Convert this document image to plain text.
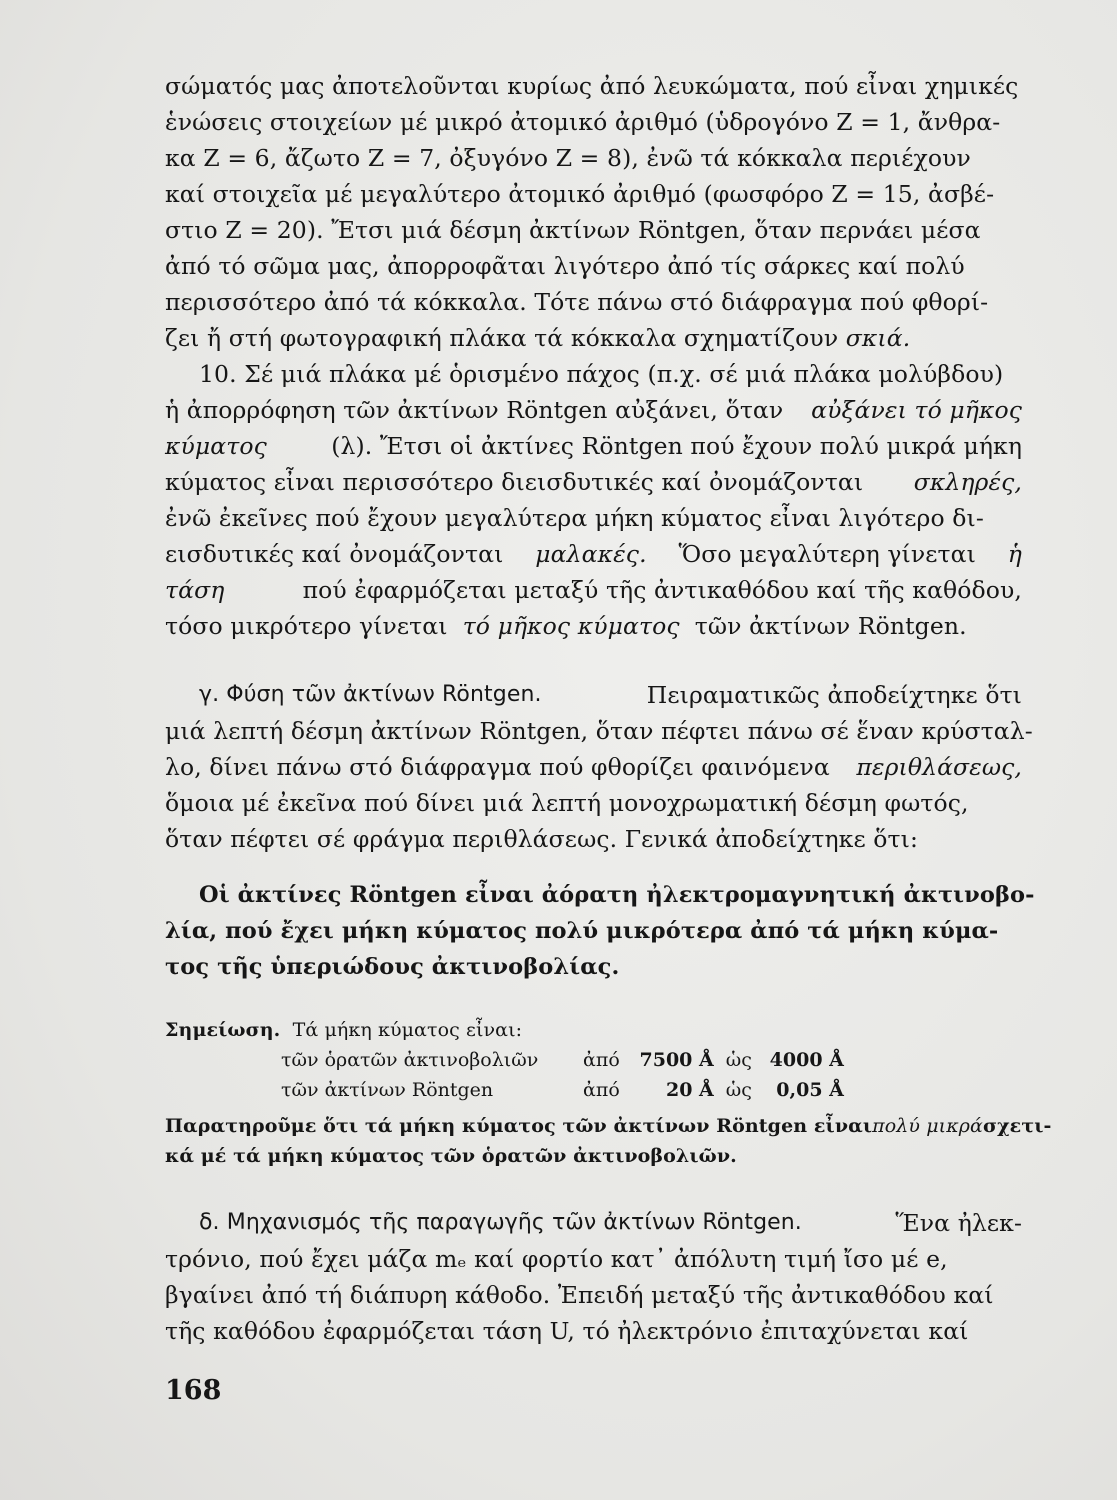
σώματός μας ἀποτελοῦνται κυρίως ἀπό λευκώματα, πού εἶναι χημικές
ἑνώσεις στοιχείων μέ μικρό ἀτομικό ἀριθμό (ὑδρογόνο Z = 1, ἄνθρα-
κα Z = 6, ἄζωτο Z = 7, ὀξυγόνο Z = 8), ἐνῶ τά κόκκαλα περιέχουν
καί στοιχεῖα μέ μεγαλύτερο ἀτομικό ἀριθμό (φωσφόρο Z = 15, ἀσβέ-
στιο Z = 20). Ἔτσι μιά δέσμη ἀκτίνων Röntgen, ὅταν περνάει μέσα
ἀπό τό σῶμα μας, ἀπορροφᾶται λιγότερο ἀπό τίς σάρκες καί πολύ
περισσότερο ἀπό τά κόκκαλα. Τότε πάνω στό διάφραγμα πού φθορί-
ζει ἤ στή φωτογραφική πλάκα τά κόκκαλα σχηματίζουν
σκιά.
10. Σέ μιά πλάκα μέ ὁρισμένο πάχος (π.χ. σέ μιά πλάκα μολύβδου)
ἡ ἀπορρόφηση τῶν ἀκτίνων Röntgen αὐξάνει, ὅταν αὐξάνει τό μῆκος
κύματος	(λ). Ἔτσι οἱ ἀκτίνες Röntgen πού ἔχουν πολύ μικρά μήκη
κύματος εἶναι περισσότερο διεισδυτικές καί ὀνομάζονται σκληρές,
ἐνῶ ἐκεῖνες πού ἔχουν μεγαλύτερα μήκη κύματος εἶναι λιγότερο δι-
εισδυτικές καί ὀνομάζονται μαλακές. Ὅσο μεγαλύτερη γίνεται ἡ
τάση	πού ἐφαρμόζεται μεταξύ τῆς ἀντικαθόδου καί τῆς καθόδου,
τόσο μικρότερο γίνεται
τό μῆκος κύματος
τῶν ἀκτίνων Röntgen.
γ. Φύση τῶν ἀκτίνων Röntgen.	Πειραματικῶς ἀποδείχτηκε ὅτι
μιά λεπτή δέσμη ἀκτίνων Röntgen, ὅταν πέφτει πάνω σέ ἕναν κρύσταλ-
λο, δίνει πάνω στό διάφραγμα πού φθορίζει φαινόμενα περιθλάσεως,
ὅμοια μέ ἐκεῖνα πού δίνει μιά λεπτή μονοχρωματική δέσμη φωτός,
ὅταν πέφτει σέ φράγμα περιθλάσεως. Γενικά ἀποδείχτηκε ὅτι:
Οἱ ἀκτίνες Röntgen εἶναι ἀόρατη ἠλεκτρομαγνητική ἀκτινοβο-
λία, πού ἔχει μήκη κύματος πολύ μικρότερα ἀπό τά μήκη κύμα-
τος τῆς ὑπεριώδους ἀκτινοβολίας.
Σημείωση.
Τά μήκη κύματος εἶναι:
τῶν ὁρατῶν ἀκτινοβολιῶν	ἀπό	7500 Å	ὡς	4000 Å
τῶν ἀκτίνων Röntgen	ἀπό	20 Å	ὡς	0,05 Å
Παρατηροῦμε ὅτι τά μήκη κύματος τῶν ἀκτίνων Röntgen εἶναι πολύ μικρά σχετι-
κά μέ τά μήκη κύματος τῶν ὁρατῶν ἀκτινοβολιῶν.
δ. Μηχανισμός τῆς παραγωγῆς τῶν ἀκτίνων Röntgen.	Ἕνα ἠλεκ-
τρόνιο, πού ἔχει μάζα mₑ καί φορτίο κατ᾽ ἀπόλυτη τιμή ἴσο μέ e,
βγαίνει ἀπό τή διάπυρη κάθοδο. Ἐπειδή μεταξύ τῆς ἀντικαθόδου καί
τῆς καθόδου ἐφαρμόζεται τάση U, τό ἠλεκτρόνιο ἐπιταχύνεται καί
168
